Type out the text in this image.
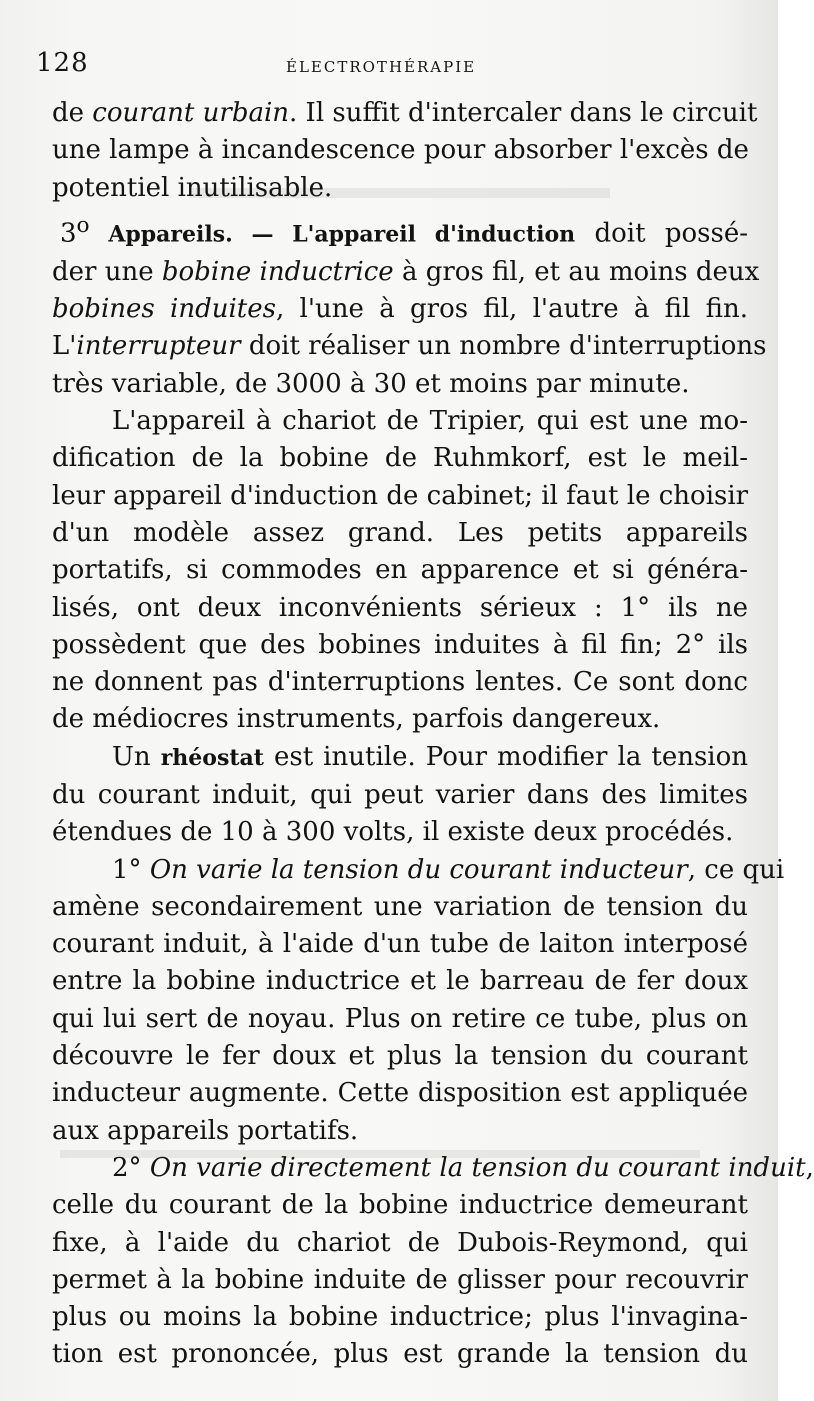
128	ÉLECTROTHÉRAPIE
de courant urbain. Il suffit d'intercaler dans le circuit
une lampe à incandescence pour absorber l'excès de
potentiel inutilisable.
3$^o$ Appareils. — L'appareil d'induction doit possé-
der une bobine inductrice à gros fil, et au moins deux
bobines induites, l'une à gros fil, l'autre à fil fin.
L'interrupteur doit réaliser un nombre d'interruptions
très variable, de 3000 à 30 et moins par minute.
L'appareil à chariot de Tripier, qui est une mo-
dification de la bobine de Ruhmkorf, est le meil-
leur appareil d'induction de cabinet; il faut le choisir
d'un modèle assez grand. Les petits appareils
portatifs, si commodes en apparence et si généra-
lisés, ont deux inconvénients sérieux : 1° ils ne
possèdent que des bobines induites à fil fin; 2° ils
ne donnent pas d'interruptions lentes. Ce sont donc
de médiocres instruments, parfois dangereux.
Un rhéostat est inutile. Pour modifier la tension
du courant induit, qui peut varier dans des limites
étendues de 10 à 300 volts, il existe deux procédés.
1° On varie la tension du courant inducteur, ce qui
amène secondairement une variation de tension du
courant induit, à l'aide d'un tube de laiton interposé
entre la bobine inductrice et le barreau de fer doux
qui lui sert de noyau. Plus on retire ce tube, plus on
découvre le fer doux et plus la tension du courant
inducteur augmente. Cette disposition est appliquée
aux appareils portatifs.
2° On varie directement la tension du courant induit,
celle du courant de la bobine inductrice demeurant
fixe, à l'aide du chariot de Dubois-Reymond, qui
permet à la bobine induite de glisser pour recouvrir
plus ou moins la bobine inductrice; plus l'invagina-
tion est prononcée, plus est grande la tension du
